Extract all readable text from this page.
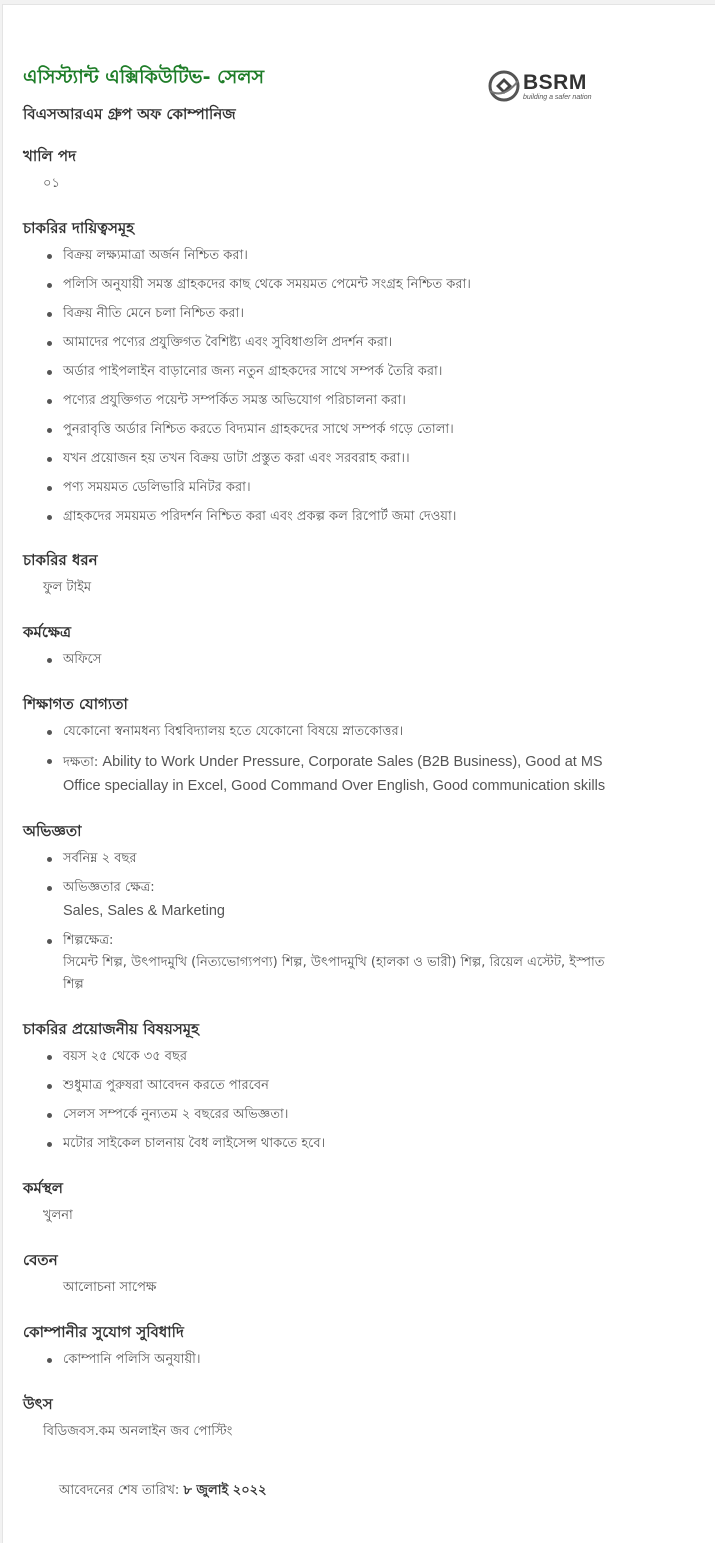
এসিস্ট্যান্ট এক্সিকিউটিভ- সেলস
বিএসআরএম গ্রুপ অফ কোম্পানিজ
BSRM
building a safer nation
খালি পদ

০১

চাকরির দায়িত্বসমূহ
বিক্রয় লক্ষ্যমাত্রা অর্জন নিশ্চিত করা।
পলিসি অনুযায়ী সমস্ত গ্রাহকদের কাছ থেকে সময়মত পেমেন্ট সংগ্রহ নিশ্চিত করা।
বিক্রয় নীতি মেনে চলা নিশ্চিত করা।
আমাদের পণ্যের প্রযুক্তিগত বৈশিষ্ট্য এবং সুবিধাগুলি প্রদর্শন করা।
অর্ডার পাইপলাইন বাড়ানোর জন্য নতুন গ্রাহকদের সাথে সম্পর্ক তৈরি করা।
পণ্যের প্রযুক্তিগত পয়েন্ট সম্পর্কিত সমস্ত অভিযোগ পরিচালনা করা।
পুনরাবৃত্তি অর্ডার নিশ্চিত করতে বিদ্যমান গ্রাহকদের সাথে সম্পর্ক গড়ে তোলা।
যখন প্রয়োজন হয় তখন বিক্রয় ডাটা প্রস্তুত করা এবং সরবরাহ করা।।
পণ্য সময়মত ডেলিভারি মনিটর করা।
গ্রাহকদের সময়মত পরিদর্শন নিশ্চিত করা এবং প্রকল্প কল রিপোর্ট জমা দেওয়া।
চাকরির ধরন

ফুল টাইম

কর্মক্ষেত্র
অফিসে
শিক্ষাগত যোগ্যতা
যেকোনো স্বনামধন্য বিশ্ববিদ্যালয় হতে যেকোনো বিষয়ে স্নাতকোত্তর।
দক্ষতা: Ability to Work Under Pressure, Corporate Sales (B2B Business), Good at MS Office speciallay in Excel, Good Command Over English, Good communication skills
অভিজ্ঞতা
সর্বনিম্ন ২ বছর
অভিজ্ঞতার ক্ষেত্র:
Sales, Sales & Marketing
শিল্পক্ষেত্র:
সিমেন্ট শিল্প, উৎপাদমুখি (নিত্যভোগ্যপণ্য) শিল্প, উৎপাদমুখি (হালকা ও ভারী) শিল্প, রিয়েল এস্টেট, ইস্পাত শিল্প
চাকরির প্রয়োজনীয় বিষয়সমূহ
বয়স ২৫ থেকে ৩৫ বছর
শুধুমাত্র পুরুষরা আবেদন করতে পারবেন
সেলস সম্পর্কে নুন্যতম ২ বছরের অভিজ্ঞতা।
মটোর সাইকেল চালনায় বৈধ লাইসেন্স থাকতে হবে।
কর্মস্থল

খুলনা

বেতন

আলোচনা সাপেক্ষ

কোম্পানীর সুযোগ সুবিধাদি
কোম্পানি পলিসি অনুযায়ী।
উৎস

বিডিজবস.কম অনলাইন জব পোস্টিং

আবেদনের শেষ তারিখ: ৮ জুলাই ২০২২
